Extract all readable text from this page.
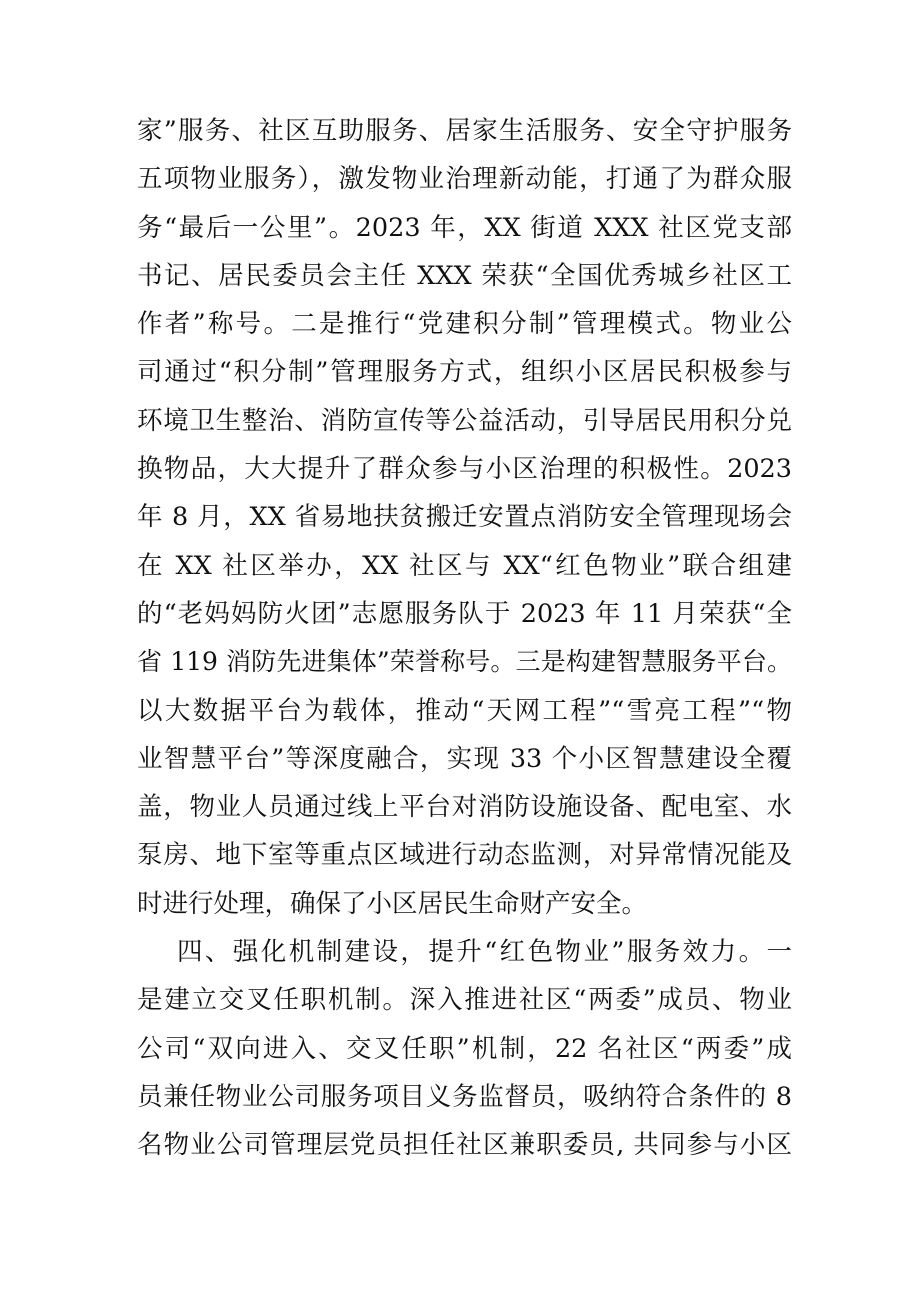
家”服务、社区互助服务、居家生活服务、安全守护服务
五项物业服务），激发物业治理新动能，打通了为群众服
务“最后一公里”。2023 年，XX 街道 XXX 社区党支部
书记、居民委员会主任 XXX 荣获“全国优秀城乡社区工
作者”称号。二是推行“党建积分制”管理模式。物业公
司通过“积分制”管理服务方式，组织小区居民积极参与
环境卫生整治、消防宣传等公益活动，引导居民用积分兑
换物品，大大提升了群众参与小区治理的积极性。2023
年 8 月，XX 省易地扶贫搬迁安置点消防安全管理现场会
在 XX 社区举办，XX 社区与 XX“红色物业”联合组建
的“老妈妈防火团”志愿服务队于 2023 年 11 月荣获“全
省 119 消防先进集体”荣誉称号。三是构建智慧服务平台。
以大数据平台为载体，推动“天网工程”“雪亮工程”“物
业智慧平台”等深度融合，实现 33 个小区智慧建设全覆
盖，物业人员通过线上平台对消防设施设备、配电室、水
泵房、地下室等重点区域进行动态监测，对异常情况能及
时进行处理，确保了小区居民生命财产安全。
四、强化机制建设，提升“红色物业”服务效力。一
是建立交叉任职机制。深入推进社区“两委”成员、物业
公司“双向进入、交叉任职”机制，22 名社区“两委”成
员兼任物业公司服务项目义务监督员，吸纳符合条件的 8
名物业公司管理层党员担任社区兼职委员, 共同参与小区
